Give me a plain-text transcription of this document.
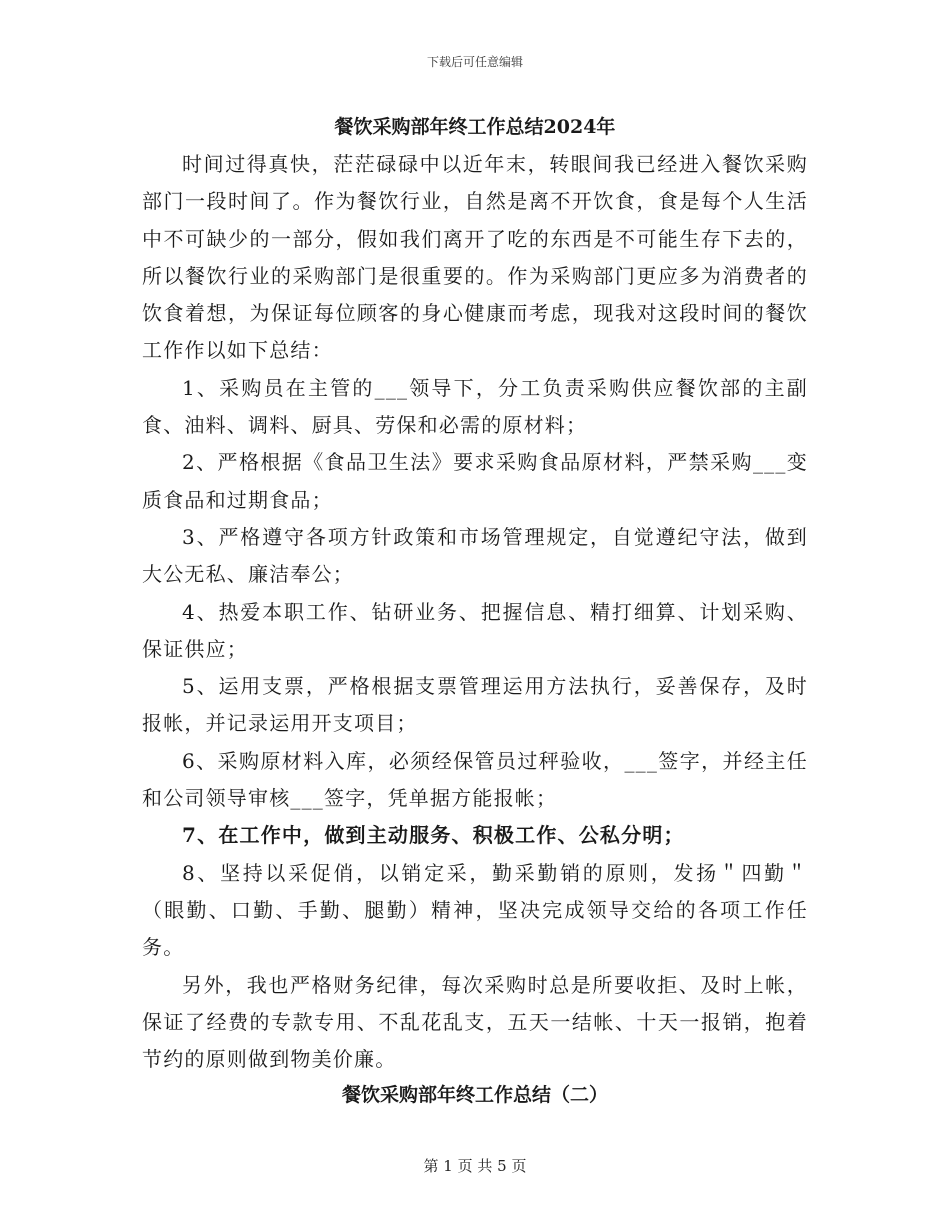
下载后可任意编辑
餐饮采购部年终工作总结2024年

时间过得真快，茫茫碌碌中以近年末，转眼间我已经进入餐饮采购部门一段时间了。作为餐饮行业，自然是离不开饮食，食是每个人生活中不可缺少的一部分，假如我们离开了吃的东西是不可能生存下去的，所以餐饮行业的采购部门是很重要的。作为采购部门更应多为消费者的饮食着想，为保证每位顾客的身心健康而考虑，现我对这段时间的餐饮工作作以如下总结：

1、采购员在主管的___领导下，分工负责采购供应餐饮部的主副食、油料、调料、厨具、劳保和必需的原材料；

2、严格根据《食品卫生法》要求采购食品原材料，严禁采购___变质食品和过期食品；

3、严格遵守各项方针政策和市场管理规定，自觉遵纪守法，做到大公无私、廉洁奉公；

4、热爱本职工作、钻研业务、把握信息、精打细算、计划采购、保证供应；

5、运用支票，严格根据支票管理运用方法执行，妥善保存，及时报帐，并记录运用开支项目；

6、采购原材料入库，必须经保管员过秤验收，___签字，并经主任和公司领导审核___签字，凭单据方能报帐；

7、在工作中，做到主动服务、积极工作、公私分明；

8、坚持以采促俏，以销定采，勤采勤销的原则，发扬＂四勤＂（眼勤、口勤、手勤、腿勤）精神，坚决完成领导交给的各项工作任务。

另外，我也严格财务纪律，每次采购时总是所要收拒、及时上帐，保证了经费的专款专用、不乱花乱支，五天一结帐、十天一报销，抱着节约的原则做到物美价廉。

餐饮采购部年终工作总结（二）
第 1 页 共 5 页
